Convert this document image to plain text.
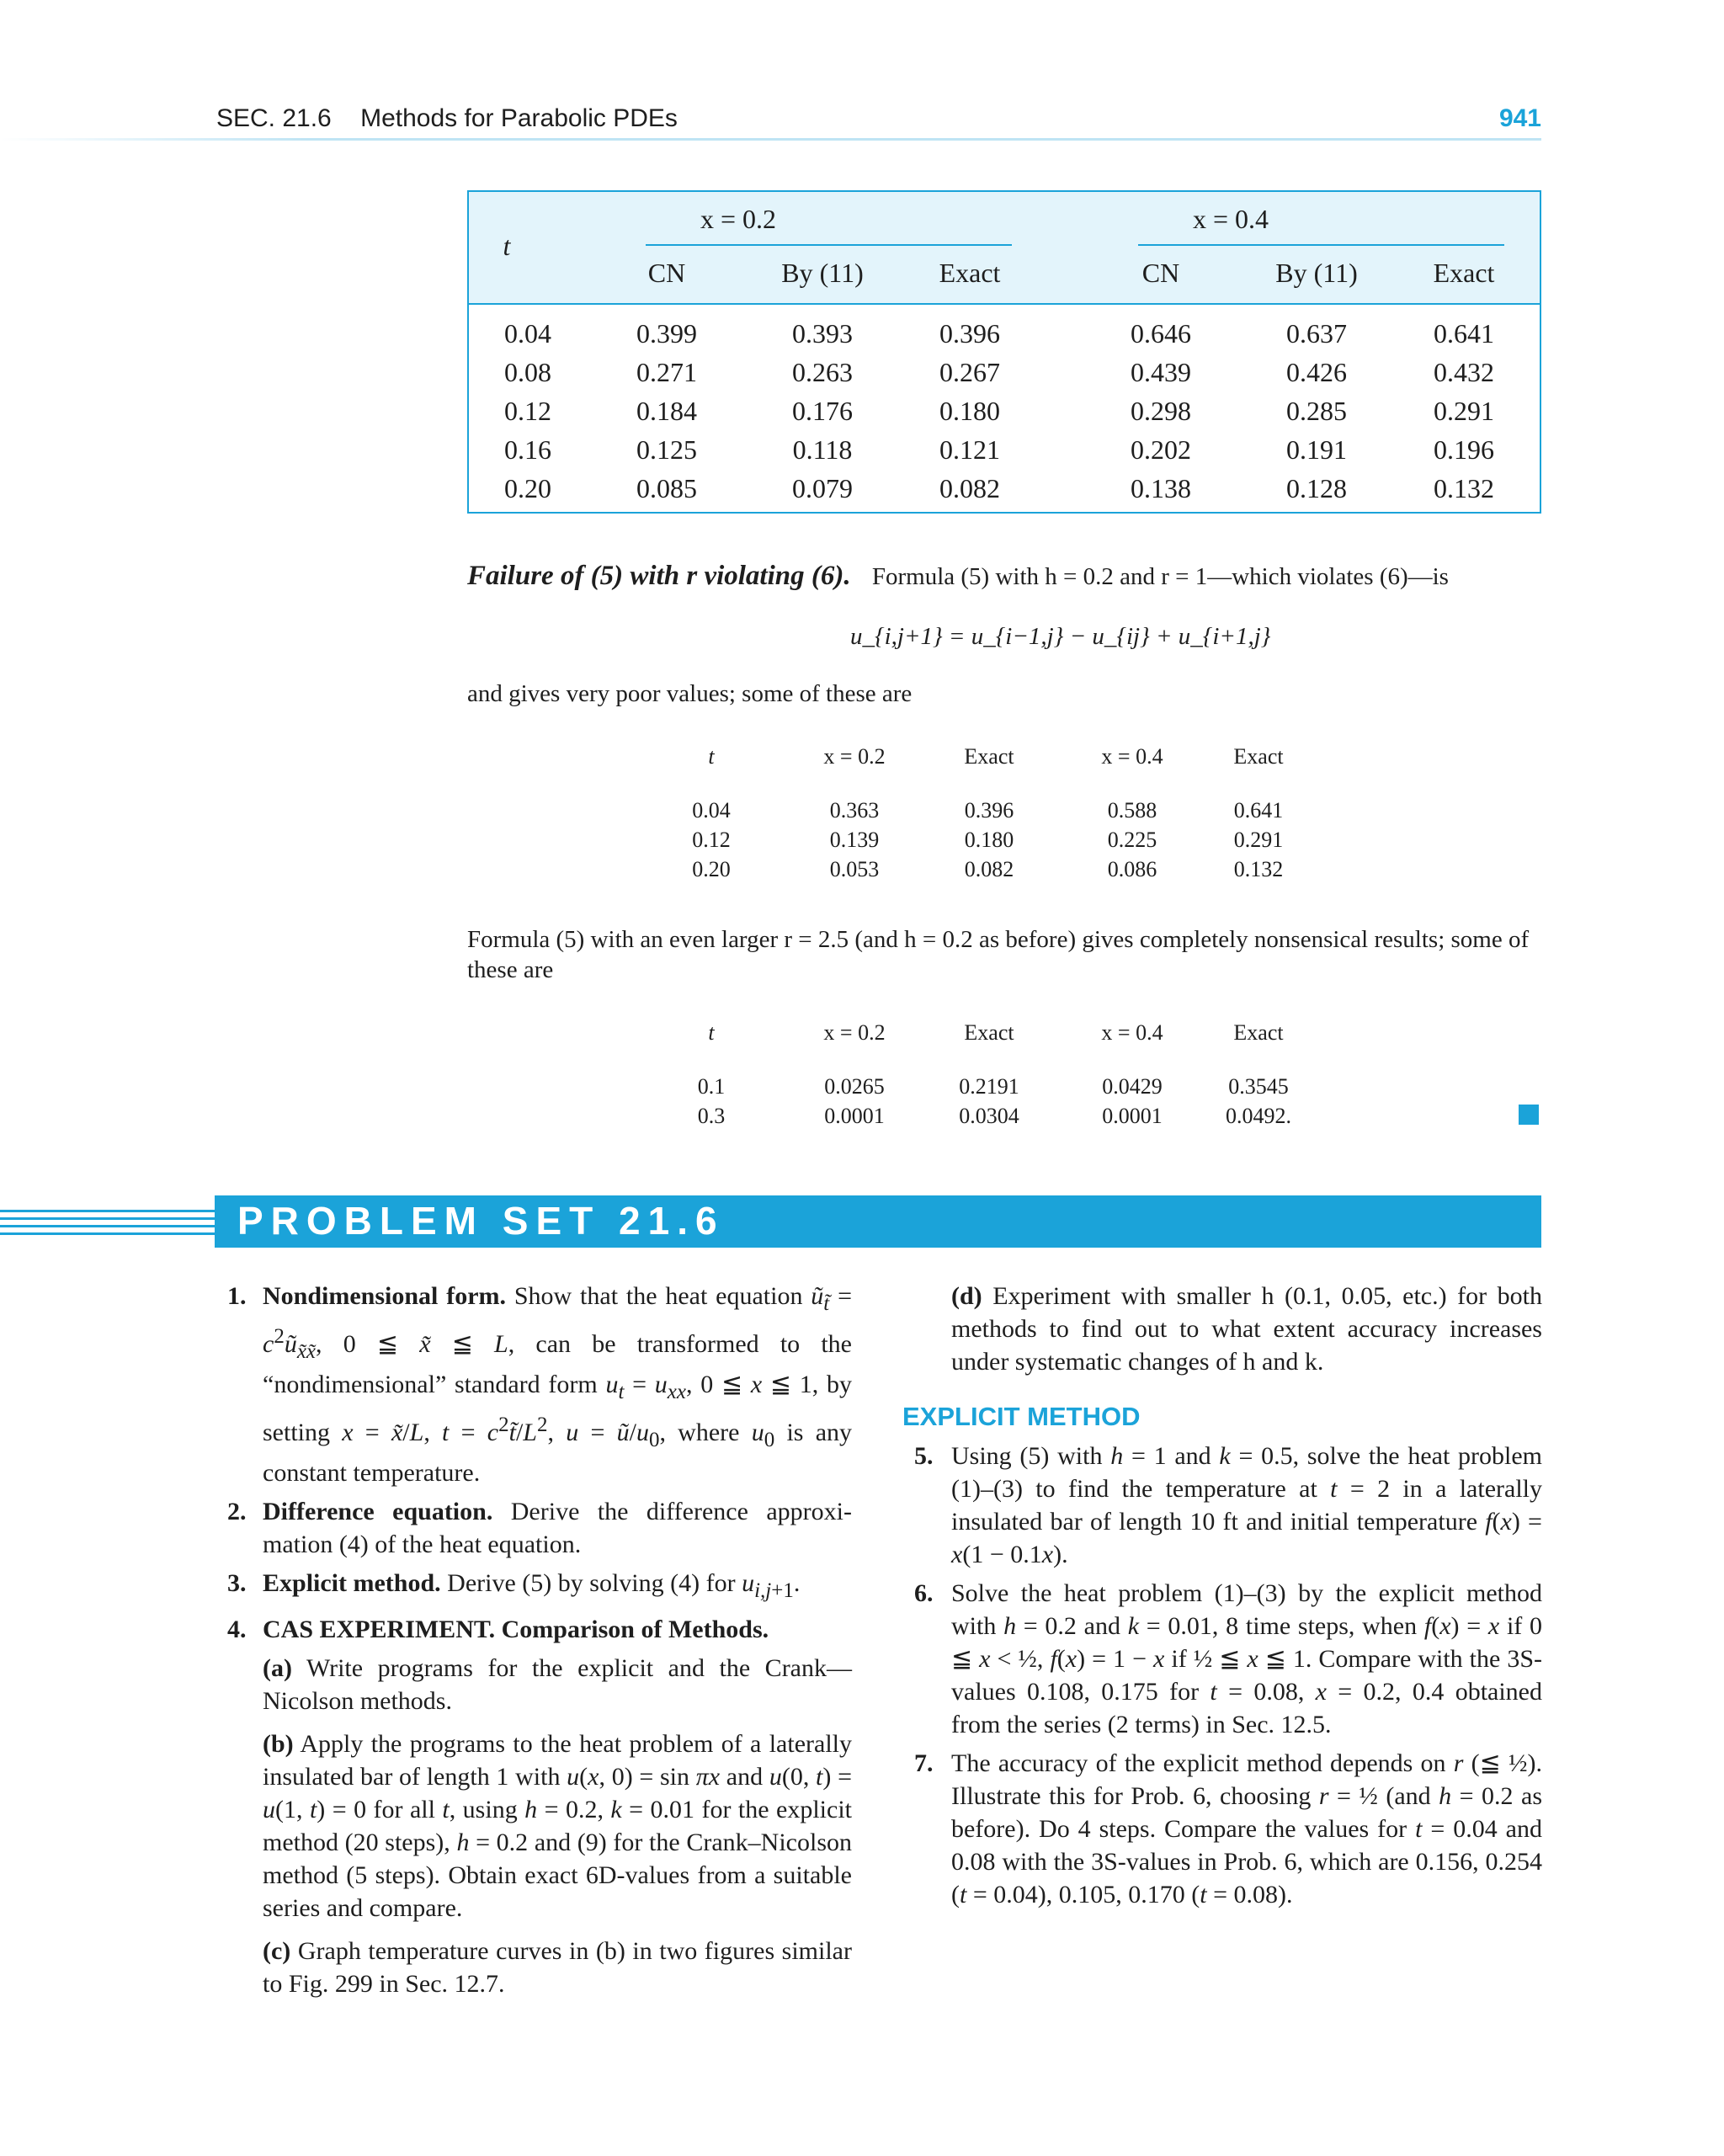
SEC. 21.6 Methods for Parabolic PDEs	941
t
x = 0.2	x = 0.4
CN	By (11)	Exact	CN	By (11)	Exact
0.04	0.399	0.393	0.396	0.646	0.637	0.641
0.08	0.271	0.263	0.267	0.439	0.426	0.432
0.12	0.184	0.176	0.180	0.298	0.285	0.291
0.16	0.125	0.118	0.121	0.202	0.191	0.196
0.20	0.085	0.079	0.082	0.138	0.128	0.132
Failure of (5) with r violating (6). Formula (5) with h = 0.2 and r = 1—which violates (6)—is
u_{i,j+1} = u_{i−1,j} − u_{ij} + u_{i+1,j}
and gives very poor values; some of these are
t	x = 0.2	Exact	x = 0.4	Exact
0.04	0.363	0.396	0.588	0.641
0.12	0.139	0.180	0.225	0.291
0.20	0.053	0.082	0.086	0.132
Formula (5) with an even larger r = 2.5 (and h = 0.2 as before) gives completely nonsensical results; some of
these are
t	x = 0.2	Exact	x = 0.4	Exact
0.1	0.0265	0.2191	0.0429	0.3545
0.3	0.0001	0.0304	0.0001	0.0492.
PROBLEM SET 21.6
1. Nondimensional form. Show that the heat equation $ũ_{t̃}$ = $c^2ũ_{x̃x̃}$, 0 ≦ x̃ ≦ L, can be transformed to the “nondimensional” standard form $u_t = u_{xx}$, 0 ≦ x ≦ 1, by setting x = x̃/L, $t = c^2t̃/L^2$, $u = ũ/u_0$, where $u_0$ is any constant temperature.
2. Difference equation. Derive the difference approxi- mation (4) of the heat equation.
3. Explicit method. Derive (5) by solving (4) for $u_{i,j+1}$.
4. CAS EXPERIMENT. Comparison of Methods.
(a) Write programs for the explicit and the Crank— Nicolson methods.
(b) Apply the programs to the heat problem of a laterally insulated bar of length 1 with u(x, 0) = sin πx and u(0, t) = u(1, t) = 0 for all t, using h = 0.2, k = 0.01 for the explicit method (20 steps), h = 0.2 and (9) for the Crank–Nicolson method (5 steps). Obtain exact 6D-values from a suitable series and compare.
(c) Graph temperature curves in (b) in two figures similar to Fig. 299 in Sec. 12.7.
(d) Experiment with smaller h (0.1, 0.05, etc.) for both methods to find out to what extent accuracy increases under systematic changes of h and k.
EXPLICIT METHOD
5. Using (5) with h = 1 and k = 0.5, solve the heat problem (1)–(3) to find the temperature at t = 2 in a laterally insulated bar of length 10 ft and initial temperature f(x) = x(1 − 0.1x).
6. Solve the heat problem (1)–(3) by the explicit method with h = 0.2 and k = 0.01, 8 time steps, when f(x) = x if 0 ≦ x < ½, f(x) = 1 − x if ½ ≦ x ≦ 1. Compare with the 3S-values 0.108, 0.175 for t = 0.08, x = 0.2, 0.4 obtained from the series (2 terms) in Sec. 12.5.
7. The accuracy of the explicit method depends on r (≦ ½). Illustrate this for Prob. 6, choosing r = ½ (and h = 0.2 as before). Do 4 steps. Compare the values for t = 0.04 and 0.08 with the 3S-values in Prob. 6, which are 0.156, 0.254 (t = 0.04), 0.105, 0.170 (t = 0.08).
